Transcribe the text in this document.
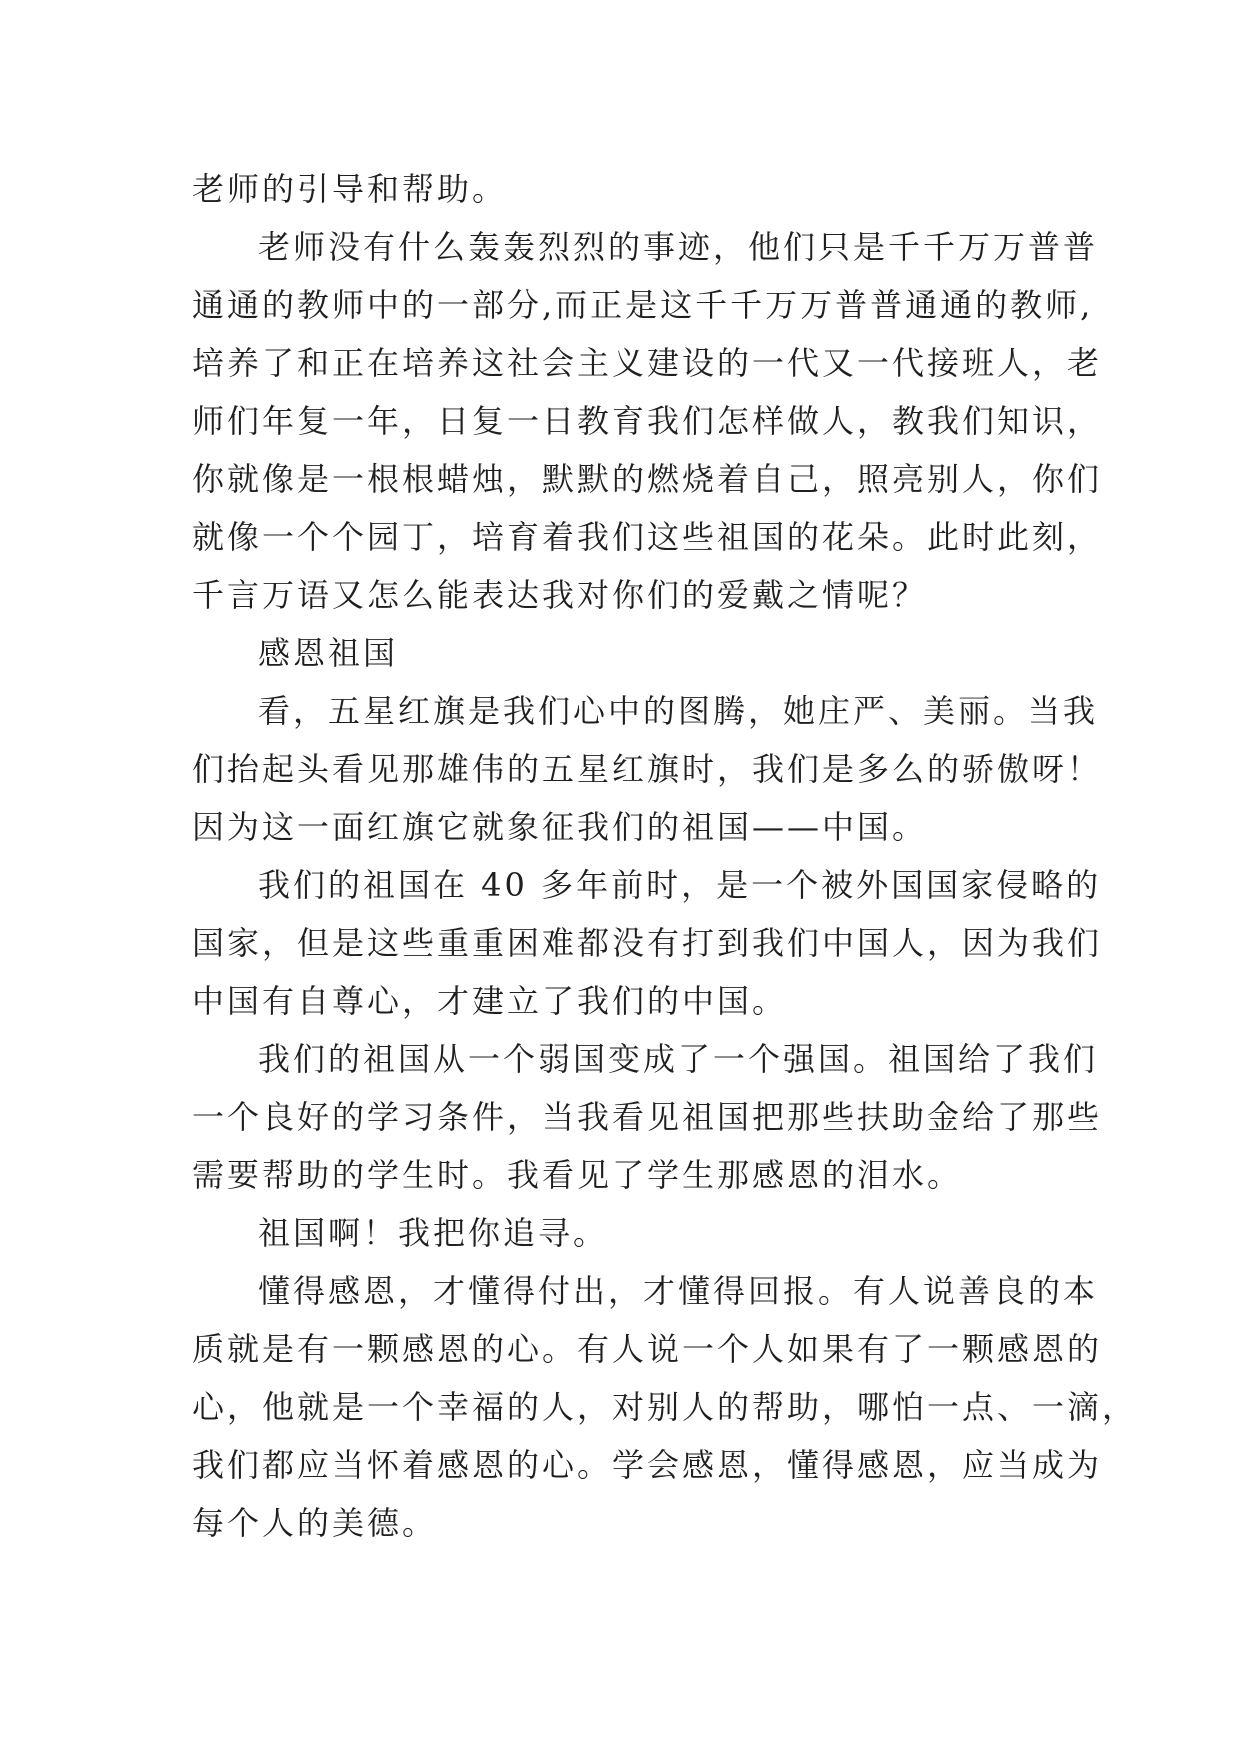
老师的引导和帮助。
老师没有什么轰轰烈烈的事迹，他们只是千千万万普普
通通的教师中的一部分,而正是这千千万万普普通通的教师,
培养了和正在培养这社会主义建设的一代又一代接班人，老
师们年复一年，日复一日教育我们怎样做人，教我们知识，
你就像是一根根蜡烛，默默的燃烧着自己，照亮别人，你们
就像一个个园丁，培育着我们这些祖国的花朵。此时此刻，
千言万语又怎么能表达我对你们的爱戴之情呢？
感恩祖国
看，五星红旗是我们心中的图腾，她庄严、美丽。当我
们抬起头看见那雄伟的五星红旗时，我们是多么的骄傲呀！
因为这一面红旗它就象征我们的祖国——中国。
我们的祖国在 40 多年前时，是一个被外国国家侵略的
国家，但是这些重重困难都没有打到我们中国人，因为我们
中国有自尊心，才建立了我们的中国。
我们的祖国从一个弱国变成了一个强国。祖国给了我们
一个良好的学习条件，当我看见祖国把那些扶助金给了那些
需要帮助的学生时。我看见了学生那感恩的泪水。
祖国啊！我把你追寻。
懂得感恩，才懂得付出，才懂得回报。有人说善良的本
质就是有一颗感恩的心。有人说一个人如果有了一颗感恩的
心，他就是一个幸福的人，对别人的帮助，哪怕一点、一滴，
我们都应当怀着感恩的心。学会感恩，懂得感恩，应当成为
每个人的美德。
